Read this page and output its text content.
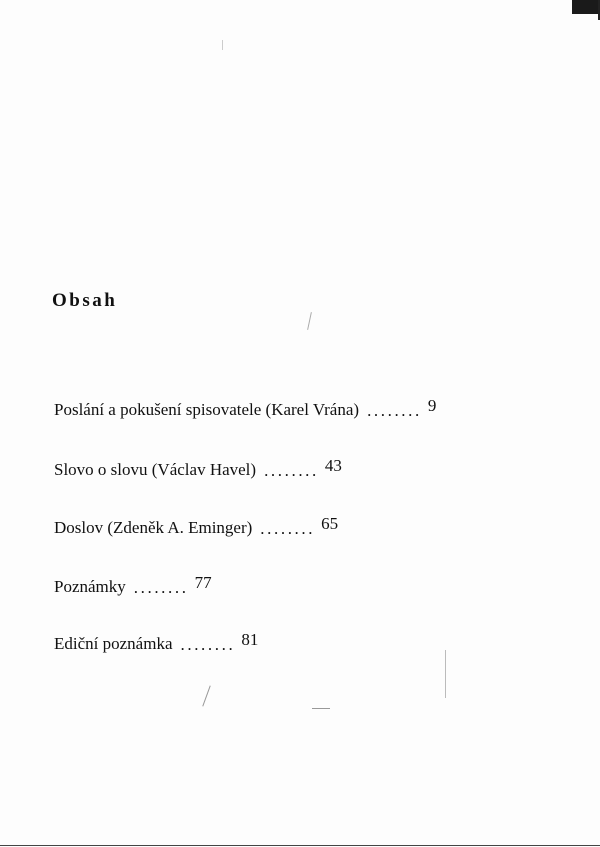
Obsah
Poslání a pokušení spisovatele (Karel Vrána) ........ 9
Slovo o slovu (Václav Havel) ........ 43
Doslov (Zdeněk A. Eminger) ........ 65
Poznámky ........ 77
Ediční poznámka ........ 81
